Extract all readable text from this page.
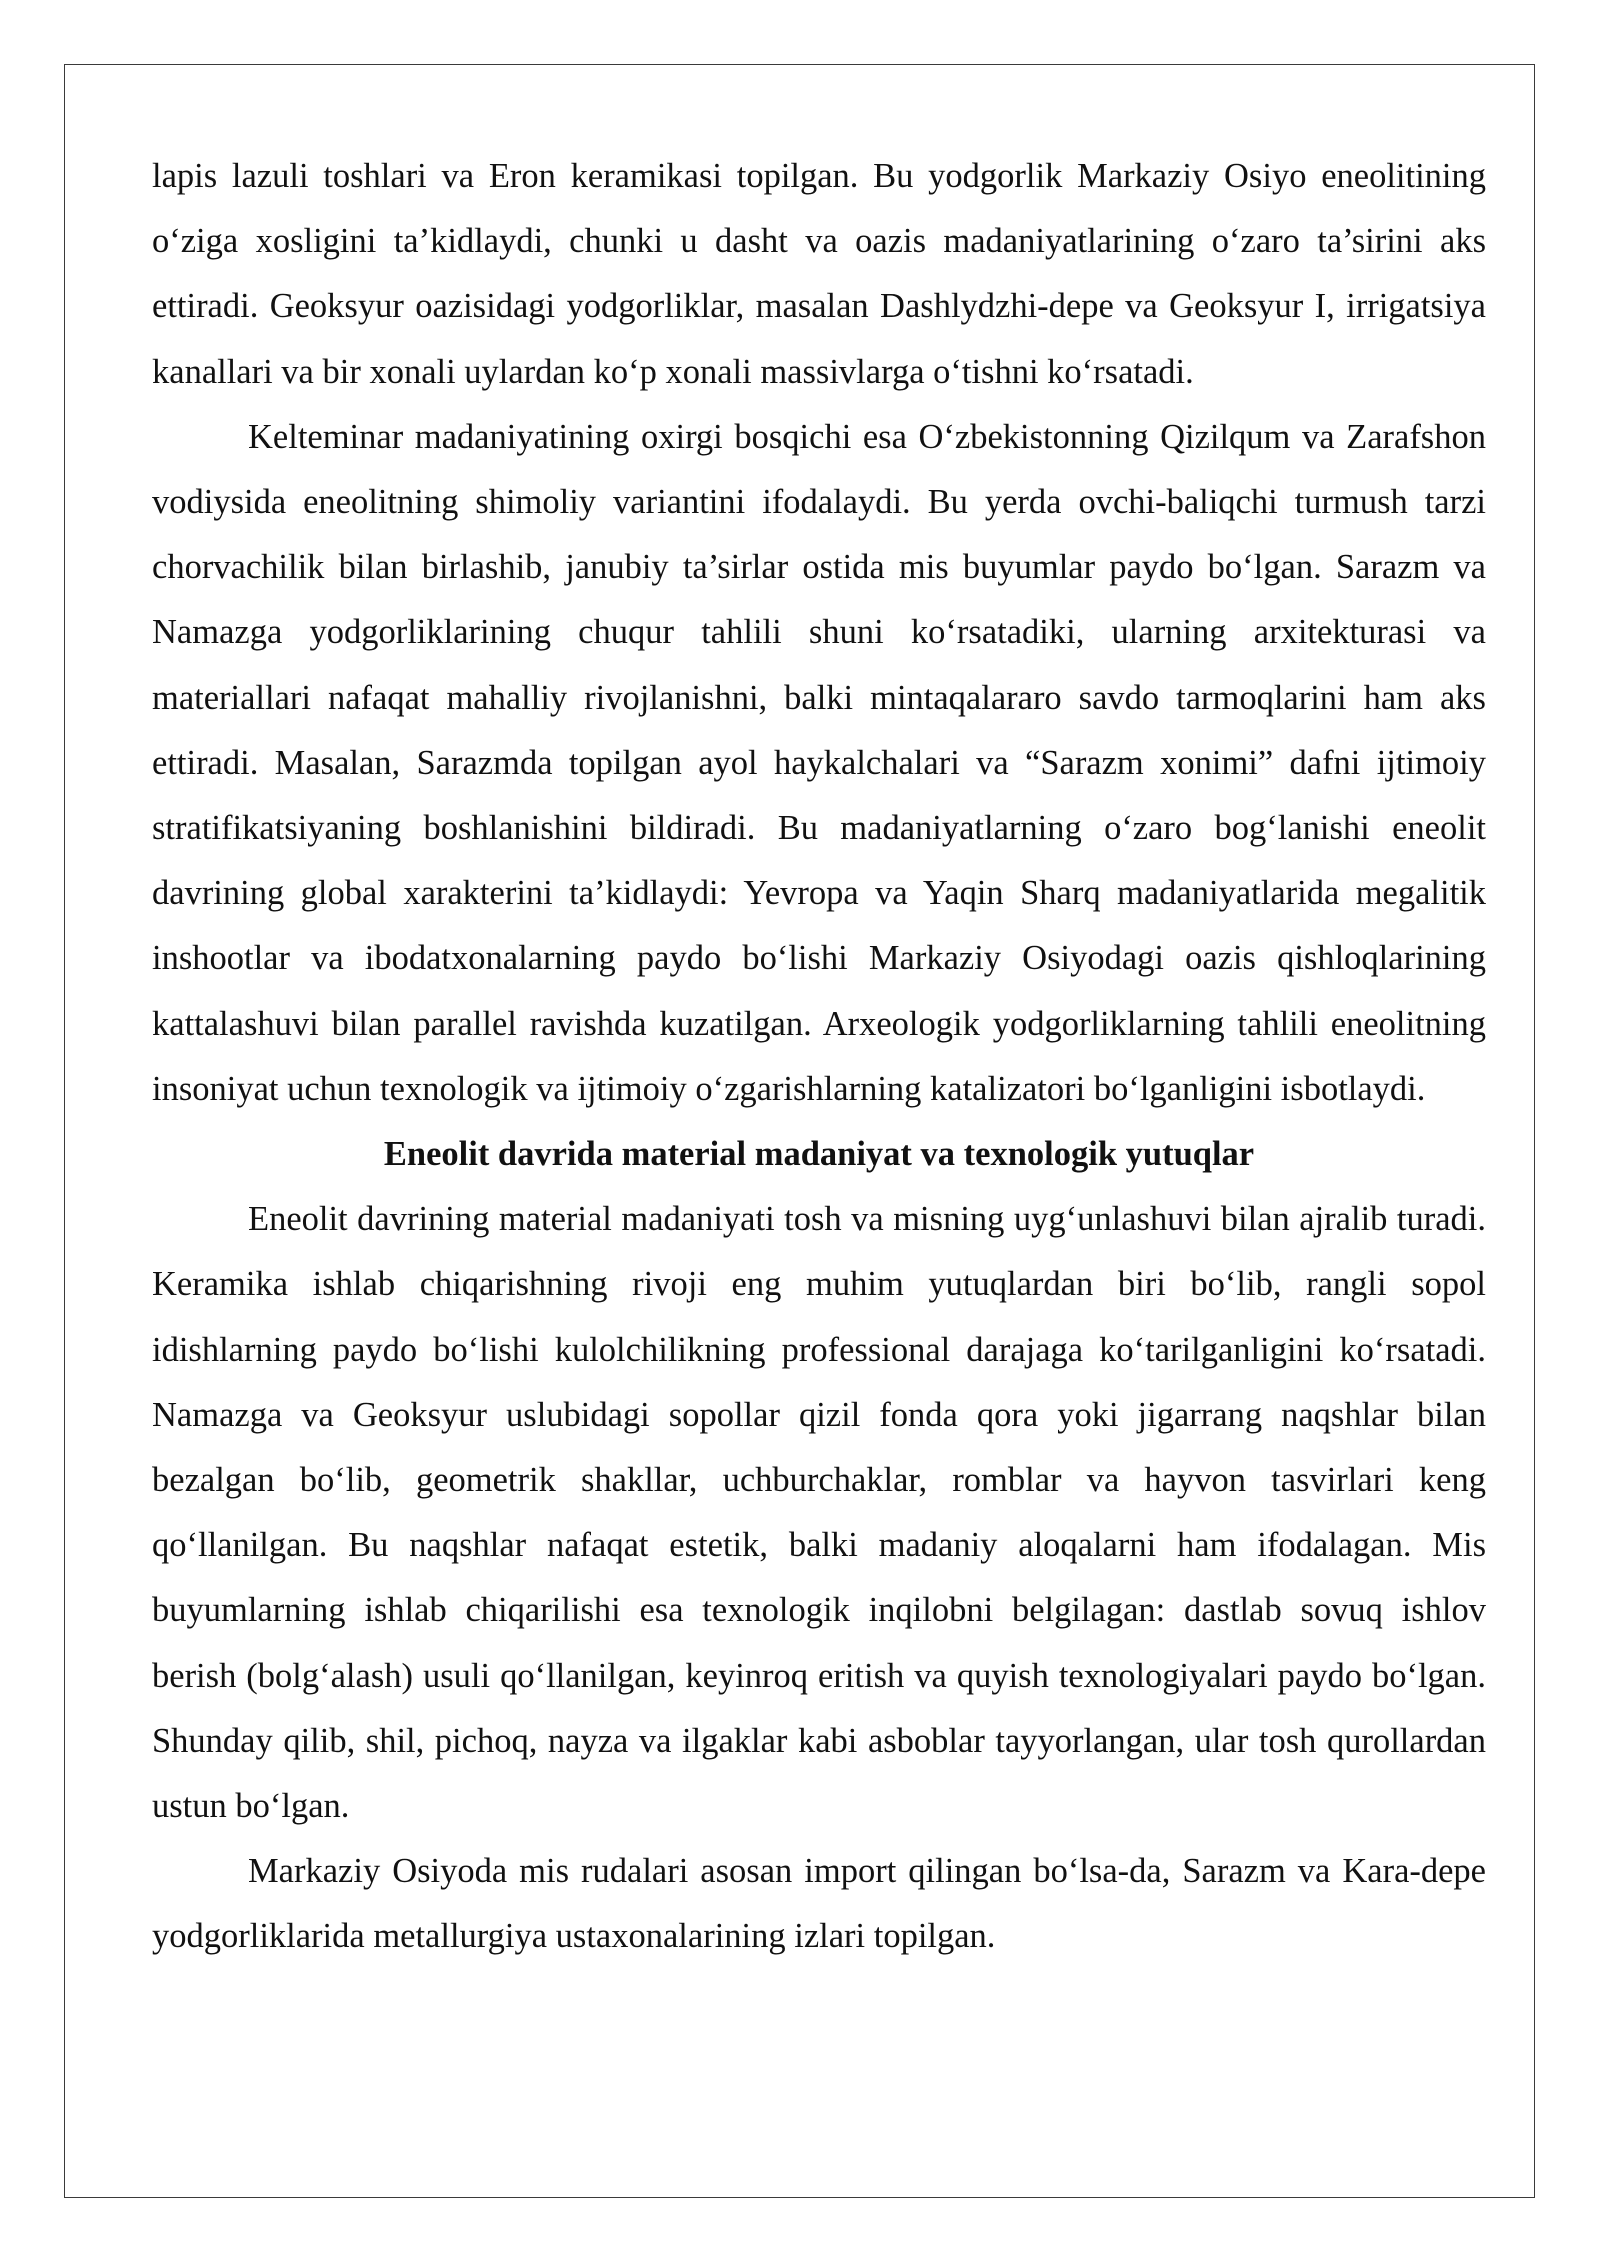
lapis lazuli toshlari va Eron keramikasi topilgan. Bu yodgorlik Markaziy Osiyo eneolitining o‘ziga xosligini ta’kidlaydi, chunki u dasht va oazis madaniyatlarining o‘zaro ta’sirini aks ettiradi. Geoksyur oazisidagi yodgorliklar, masalan Dashlydzhi-depe va Geoksyur I, irrigatsiya kanallari va bir xonali uylardan ko‘p xonali massivlarga o‘tishni ko‘rsatadi.

Kelteminar madaniyatining oxirgi bosqichi esa O‘zbekistonning Qizilqum va Zarafshon vodiysida eneolitning shimoliy variantini ifodalaydi. Bu yerda ovchi-baliqchi turmush tarzi chorvachilik bilan birlashib, janubiy ta’sirlar ostida mis buyumlar paydo bo‘lgan. Sarazm va Namazga yodgorliklarining chuqur tahlili shuni ko‘rsatadiki, ularning arxitekturasi va materiallari nafaqat mahalliy rivojlanishni, balki mintaqalararo savdo tarmoqlarini ham aks ettiradi. Masalan, Sarazmda topilgan ayol haykalchalari va “Sarazm xonimi” dafni ijtimoiy stratifikatsiyaning boshlanishini bildiradi. Bu madaniyatlarning o‘zaro bog‘lanishi eneolit davrining global xarakterini ta’kidlaydi: Yevropa va Yaqin Sharq madaniyatlarida megalitik inshootlar va ibodatxonalarning paydo bo‘lishi Markaziy Osiyodagi oazis qishloqlarining kattalashuvi bilan parallel ravishda kuzatilgan. Arxeologik yodgorliklarning tahlili eneolitning insoniyat uchun texnologik va ijtimoiy o‘zgarishlarning katalizatori bo‘lganligini isbotlaydi.

Eneolit davrida material madaniyat va texnologik yutuqlar

Eneolit davrining material madaniyati tosh va misning uyg‘unlashuvi bilan ajralib turadi. Keramika ishlab chiqarishning rivoji eng muhim yutuqlardan biri bo‘lib, rangli sopol idishlarning paydo bo‘lishi kulolchilikning professional darajaga ko‘tarilganligini ko‘rsatadi. Namazga va Geoksyur uslubidagi sopollar qizil fonda qora yoki jigarrang naqshlar bilan bezalgan bo‘lib, geometrik shakllar, uchburchaklar, romblar va hayvon tasvirlari keng qo‘llanilgan. Bu naqshlar nafaqat estetik, balki madaniy aloqalarni ham ifodalagan. Mis buyumlarning ishlab chiqarilishi esa texnologik inqilobni belgilagan: dastlab sovuq ishlov berish (bolg‘alash) usuli qo‘llanilgan, keyinroq eritish va quyish texnologiyalari paydo bo‘lgan. Shunday qilib, shil, pichoq, nayza va ilgaklar kabi asboblar tayyorlangan, ular tosh qurollardan ustun bo‘lgan.

Markaziy Osiyoda mis rudalari asosan import qilingan bo‘lsa-da, Sarazm va Kara-depe yodgorliklarida metallurgiya ustaxonalarining izlari topilgan.
